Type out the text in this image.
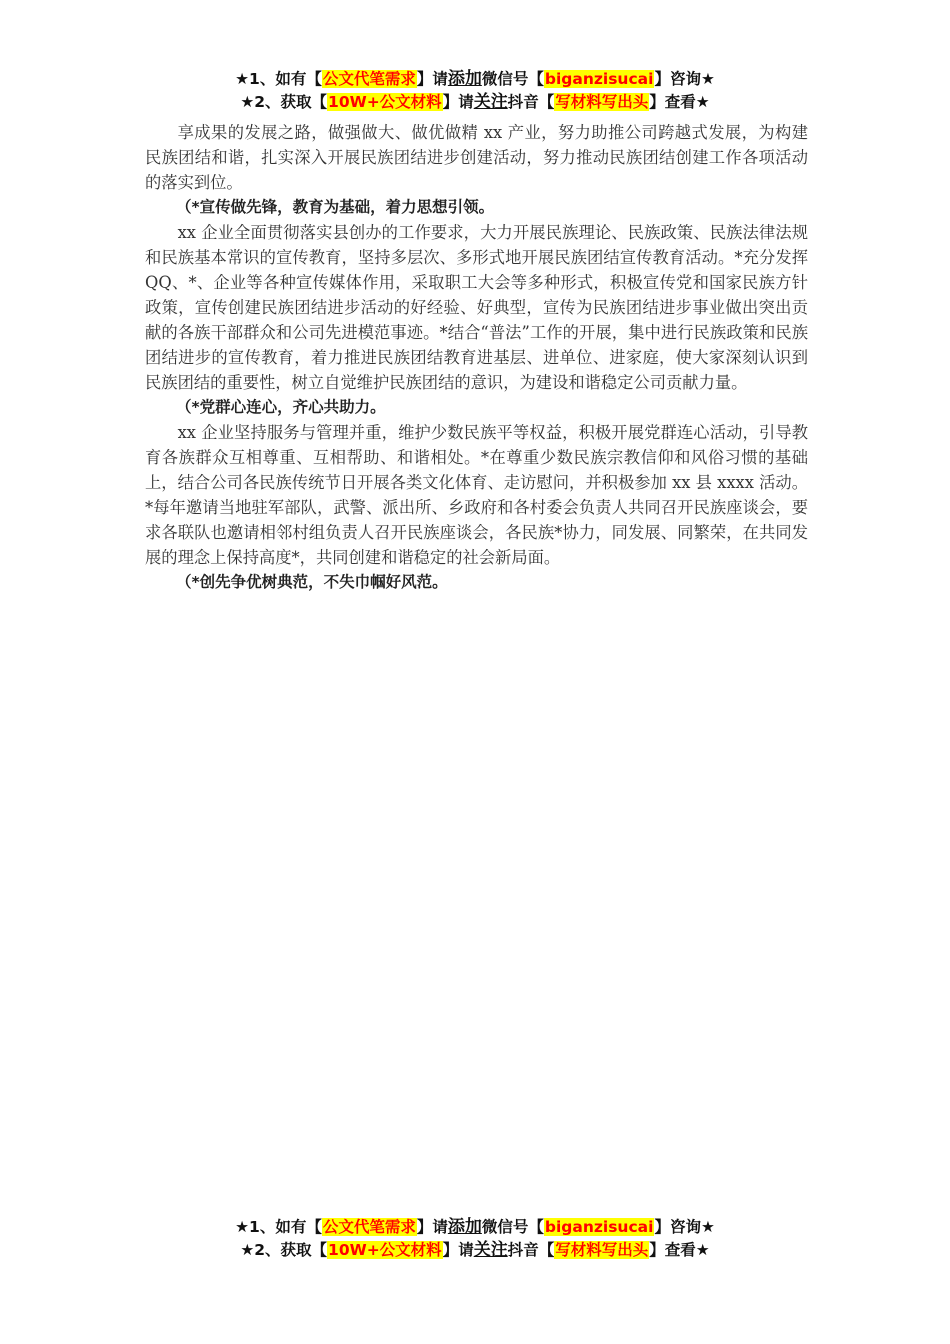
★1、如有【公文代笔需求】请添加微信号【biganzisucai】咨询★
★2、获取【10W+公文材料】请关注抖音【写材料写出头】查看★

享成果的发展之路，做强做大、做优做精 xx 产业，努力助推公司跨越式发展，为构建民族团结和谐，扎实深入开展民族团结进步创建活动，努力推动民族团结创建工作各项活动的落实到位。

（*宣传做先锋，教育为基础，着力思想引领。

xx 企业全面贯彻落实县创办的工作要求，大力开展民族理论、民族政策、民族法律法规和民族基本常识的宣传教育，坚持多层次、多形式地开展民族团结宣传教育活动。*充分发挥 QQ、*、企业等各种宣传媒体作用，采取职工大会等多种形式，积极宣传党和国家民族方针政策，宣传创建民族团结进步活动的好经验、好典型，宣传为民族团结进步事业做出突出贡献的各族干部群众和公司先进模范事迹。*结合“普法”工作的开展，集中进行民族政策和民族团结进步的宣传教育，着力推进民族团结教育进基层、进单位、进家庭，使大家深刻认识到民族团结的重要性，树立自觉维护民族团结的意识，为建设和谐稳定公司贡献力量。

（*党群心连心，齐心共助力。

xx 企业坚持服务与管理并重，维护少数民族平等权益，积极开展党群连心活动，引导教育各族群众互相尊重、互相帮助、和谐相处。*在尊重少数民族宗教信仰和风俗习惯的基础上，结合公司各民族传统节日开展各类文化体育、走访慰问，并积极参加 xx 县 xxxx 活动。*每年邀请当地驻军部队，武警、派出所、乡政府和各村委会负责人共同召开民族座谈会，要求各联队也邀请相邻村组负责人召开民族座谈会，各民族*协力，同发展、同繁荣，在共同发展的理念上保持高度*，共同创建和谐稳定的社会新局面。

（*创先争优树典范，不失巾帼好风范。

★1、如有【公文代笔需求】请添加微信号【biganzisucai】咨询★
★2、获取【10W+公文材料】请关注抖音【写材料写出头】查看★
